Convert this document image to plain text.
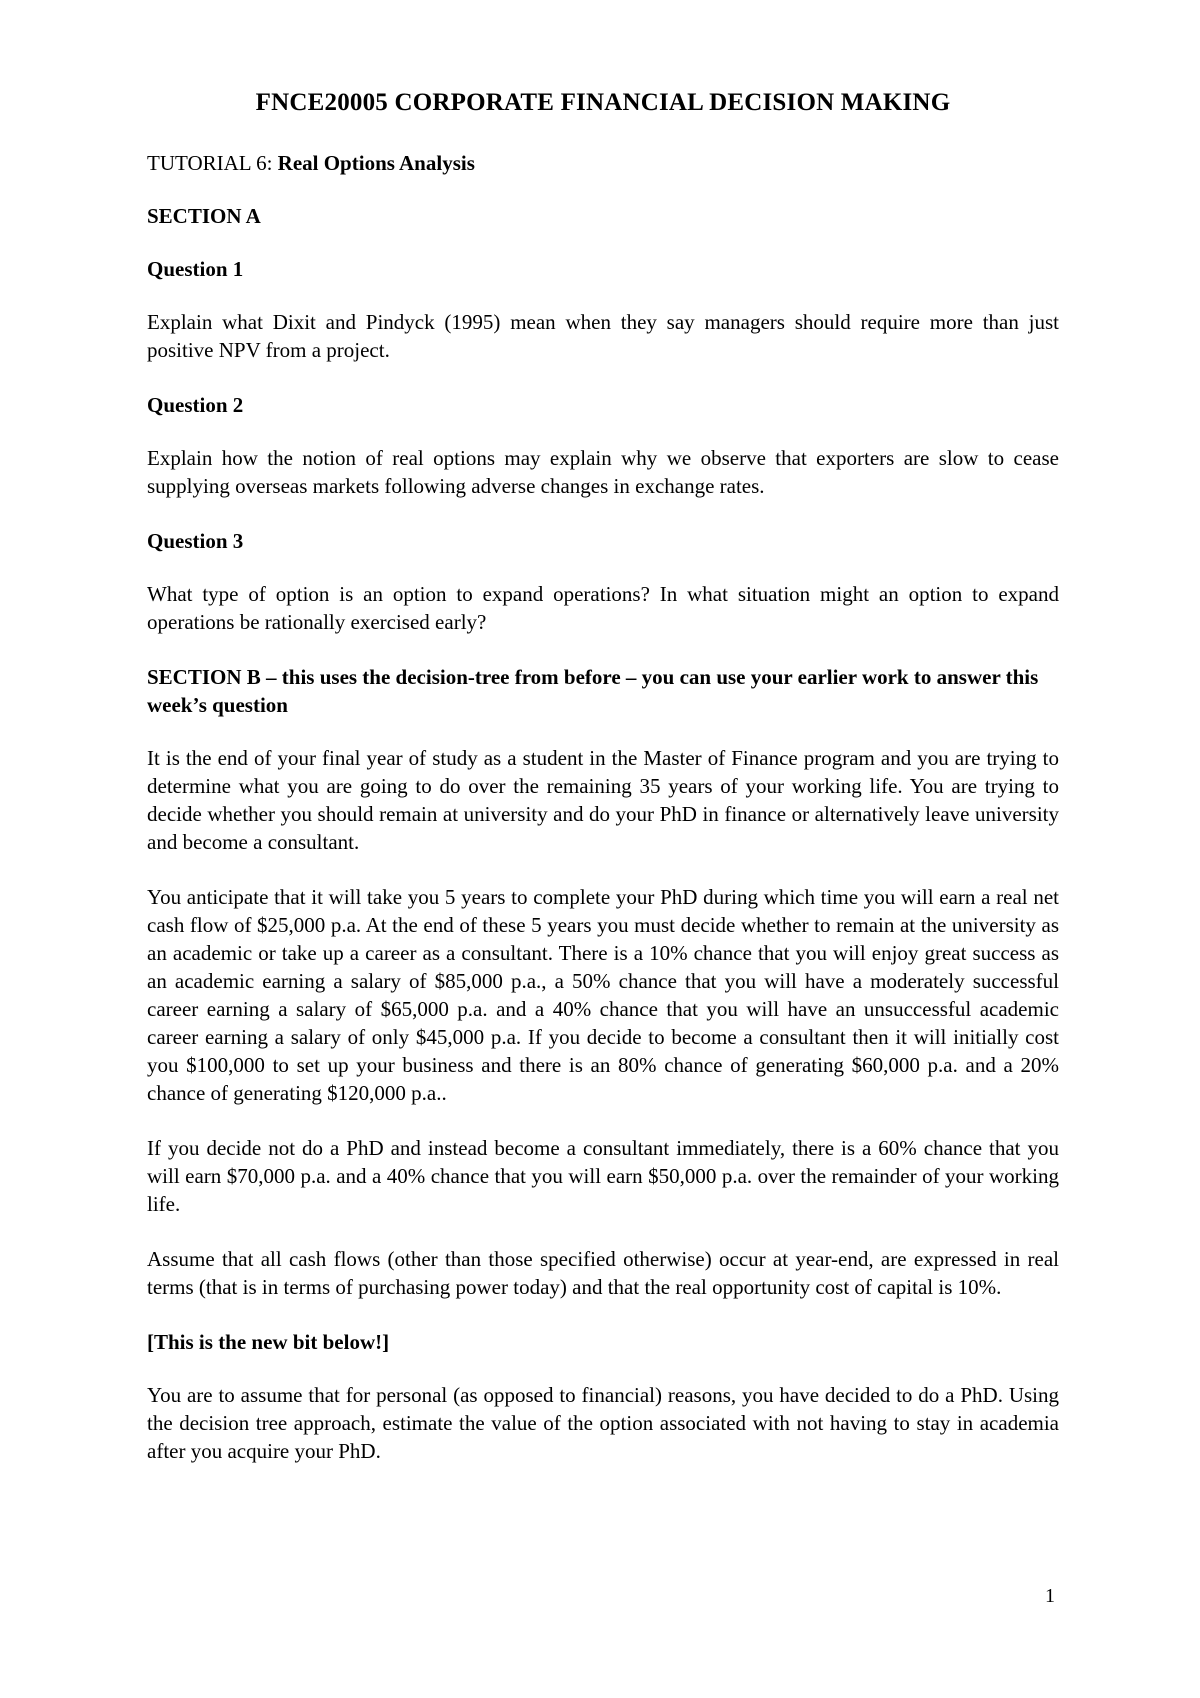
FNCE20005 CORPORATE FINANCIAL DECISION MAKING
TUTORIAL 6: Real Options Analysis
SECTION A
Question 1
Explain what Dixit and Pindyck (1995) mean when they say managers should require more than just positive NPV from a project.
Question 2
Explain how the notion of real options may explain why we observe that exporters are slow to cease supplying overseas markets following adverse changes in exchange rates.
Question 3
What type of option is an option to expand operations? In what situation might an option to expand operations be rationally exercised early?
SECTION B – this uses the decision-tree from before – you can use your earlier work to answer this week’s question
It is the end of your final year of study as a student in the Master of Finance program and you are trying to determine what you are going to do over the remaining 35 years of your working life. You are trying to decide whether you should remain at university and do your PhD in finance or alternatively leave university and become a consultant.
You anticipate that it will take you 5 years to complete your PhD during which time you will earn a real net cash flow of $25,000 p.a. At the end of these 5 years you must decide whether to remain at the university as an academic or take up a career as a consultant. There is a 10% chance that you will enjoy great success as an academic earning a salary of $85,000 p.a., a 50% chance that you will have a moderately successful career earning a salary of $65,000 p.a. and a 40% chance that you will have an unsuccessful academic career earning a salary of only $45,000 p.a. If you decide to become a consultant then it will initially cost you $100,000 to set up your business and there is an 80% chance of generating $60,000 p.a. and a 20% chance of generating $120,000 p.a..
If you decide not do a PhD and instead become a consultant immediately, there is a 60% chance that you will earn $70,000 p.a. and a 40% chance that you will earn $50,000 p.a. over the remainder of your working life.
Assume that all cash flows (other than those specified otherwise) occur at year-end, are expressed in real terms (that is in terms of purchasing power today) and that the real opportunity cost of capital is 10%.
[This is the new bit below!]
You are to assume that for personal (as opposed to financial) reasons, you have decided to do a PhD. Using the decision tree approach, estimate the value of the option associated with not having to stay in academia after you acquire your PhD.
1
